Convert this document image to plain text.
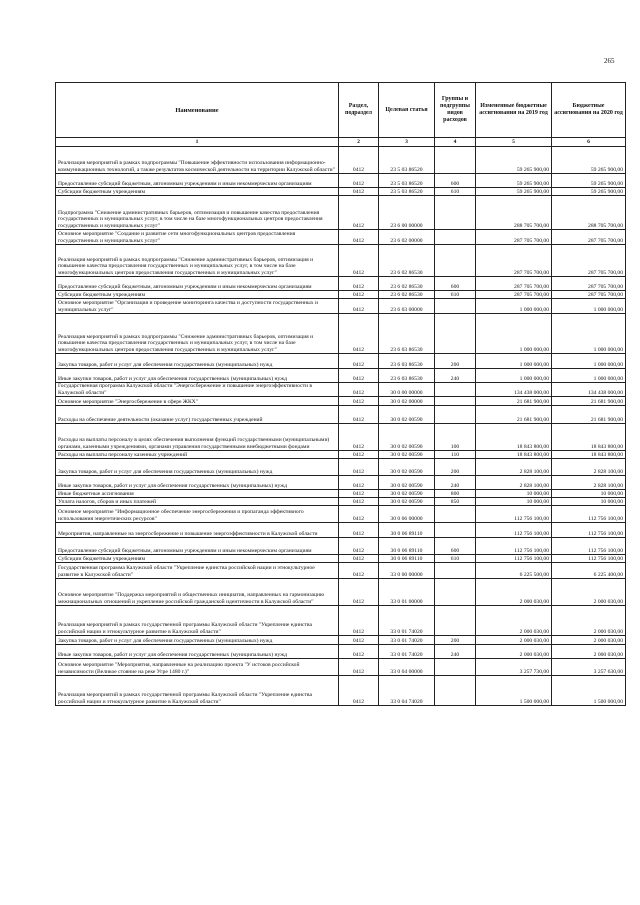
265
Наименование	Раздел, подраздел	Целевая статья	Группы и подгруппы видов расходов	Измененные бюджетные ассигнования на 2019 год	Бюджетные ассигнования на 2020 год
1	2	3	4	5	6
Реализация мероприятий в рамках подпрограммы "Повышение эффективности использования информационно-коммуникационных технологий, а также результатов космической деятельности на территории Калужской области"	0412	23 5 03 86520		59 265 900,00	59 265 900,00
Предоставление субсидий бюджетным, автономным учреждениям и иным некоммерческим организациям	0412	23 5 03 86520	600	59 265 900,00	59 265 900,00
Субсидии бюджетным учреждениям	0412	23 5 03 86520	610	59 265 900,00	59 265 900,00
Подпрограмма "Снижение административных барьеров, оптимизация и повышение качества предоставления государственных и муниципальных услуг, в том числе на базе многофункциональных центров предоставления государственных и муниципальных услуг"	0412	23 6 00 00000		288 705 700,00	288 705 700,00
Основное мероприятие "Создание и развитие сети многофункциональных центров предоставления государственных и муниципальных услуг"	0412	23 6 02 00000		287 705 700,00	287 705 700,00
Реализация мероприятий в рамках подпрограммы "Снижение административных барьеров, оптимизация и повышение качества предоставления государственных и муниципальных услуг, в том числе на базе многофункциональных центров предоставления государственных и муниципальных услуг"	0412	23 6 02 86530		287 705 700,00	287 705 700,00
Предоставление субсидий бюджетным, автономным учреждениям и иным некоммерческим организациям	0412	23 6 02 86530	600	287 705 700,00	287 705 700,00
Субсидии бюджетным учреждениям	0412	23 6 02 86530	610	287 705 700,00	287 705 700,00
Основное мероприятие "Организация и проведение мониторинга качества и доступности государственных и муниципальных услуг"	0412	23 6 03 00000		1 000 000,00	1 000 000,00
Реализация мероприятий в рамках подпрограммы "Снижение административных барьеров, оптимизация и повышение качества предоставления государственных и муниципальных услуг, в том числе на базе многофункциональных центров предоставления государственных и муниципальных услуг"	0412	23 6 03 86530		1 000 000,00	1 000 000,00
Закупка товаров, работ и услуг для обеспечения государственных (муниципальных) нужд	0412	23 6 03 86530	200	1 000 000,00	1 000 000,00
Иные закупки товаров, работ и услуг для обеспечения государственных (муниципальных) нужд	0412	23 6 03 86530	240	1 000 000,00	1 000 000,00
Государственная программа Калужской области "Энергосбережение и повышение энергоэффективности в Калужской области"	0412	30 0 00 00000		134 438 000,00	134 438 000,00
Основное мероприятие "Энергосбережение в сфере ЖКХ"	0412	30 0 02 00000		21 681 900,00	21 681 900,00
Расходы на обеспечение деятельности (оказание услуг) государственных учреждений	0412	30 0 02 00590		21 681 900,00	21 681 900,00
Расходы на выплаты персоналу в целях обеспечения выполнения функций государственными (муниципальными) органами, казенными учреждениями, органами управления государственными внебюджетными фондами	0412	30 0 02 00590	100	18 843 800,00	18 843 800,00
Расходы на выплаты персоналу казенных учреждений	0412	30 0 02 00590	110	18 843 800,00	18 843 800,00
Закупка товаров, работ и услуг для обеспечения государственных (муниципальных) нужд	0412	30 0 02 00590	200	2 828 100,00	2 828 100,00
Иные закупки товаров, работ и услуг для обеспечения государственных (муниципальных) нужд	0412	30 0 02 00590	240	2 828 100,00	2 828 100,00
Иные бюджетные ассигнования	0412	30 0 02 00590	800	10 000,00	10 000,00
Уплата налогов, сборов и иных платежей	0412	30 0 02 00590	850	10 000,00	10 000,00
Основное мероприятие "Информационное обеспечение энергосбережения и пропаганда эффективного использования энергетических ресурсов"	0412	30 0 06 00000		112 756 100,00	112 756 100,00
Мероприятия, направленные на энергосбережение и повышение энергоэффективности в Калужской области	0412	30 0 06 89110		112 756 100,00	112 756 100,00
Предоставление субсидий бюджетным, автономным учреждениям и иным некоммерческим организациям	0412	30 0 06 89110	600	112 756 100,00	112 756 100,00
Субсидии бюджетным учреждениям	0412	30 0 06 89110	610	112 756 100,00	112 756 100,00
Государственная программа Калужской области "Укрепление единства российской нации и этнокультурное развитие в Калужской области"	0412	33 0 00 00000		6 225 500,00	6 225 400,00
Основное мероприятие "Поддержка мероприятий и общественных инициатив, направленных на гармонизацию межнациональных отношений и укрепление российской гражданской идентичности в Калужской области"	0412	33 0 01 00000		2 000 030,00	2 000 030,00
Реализация мероприятий в рамках государственной программы Калужской области "Укрепление единства российской нации и этнокультурное развитие в Калужской области"	0412	33 0 01 74020		2 000 030,00	2 000 030,00
Закупка товаров, работ и услуг для обеспечения государственных (муниципальных) нужд	0412	33 0 01 74020	200	2 000 030,00	2 000 030,00
Иные закупки товаров, работ и услуг для обеспечения государственных (муниципальных) нужд	0412	33 0 01 74020	240	2 000 030,00	2 000 030,00
Основное мероприятие "Мероприятия, направленные на реализацию проекта "У истоков российской независимости (Великое стояние на реке Угре 1480 г.)"	0412	33 0 04 00000		3 257 730,00	3 257 630,00
Реализация мероприятий в рамках государственной программы Калужской области "Укрепление единства российской нации и этнокультурное развитие в Калужской области"	0412	33 0 04 74020		1 500 000,00	1 500 000,00
